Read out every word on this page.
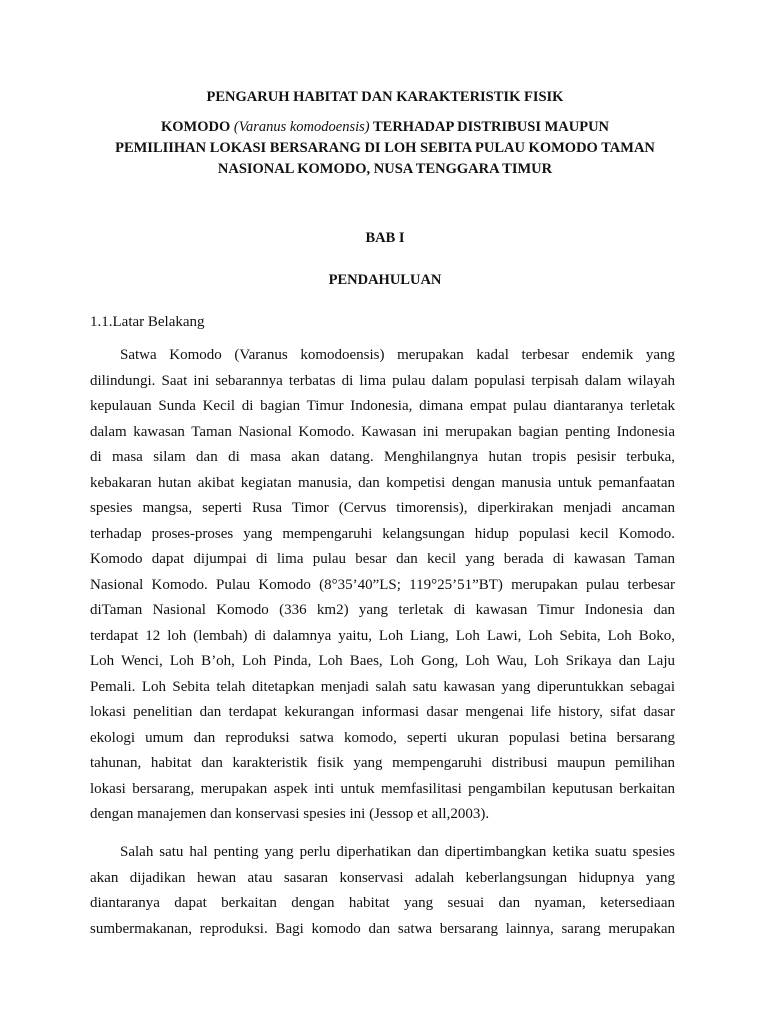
PENGARUH HABITAT DAN KARAKTERISTIK FISIK
KOMODO (Varanus komodoensis) TERHADAP DISTRIBUSI MAUPUN
PEMILIIHAN LOKASI BERSARANG DI LOH SEBITA PULAU KOMODO TAMAN
NASIONAL KOMODO, NUSA TENGGARA TIMUR
BAB I
PENDAHULUAN
1.1.Latar Belakang
Satwa Komodo (Varanus komodoensis) merupakan kadal terbesar endemik yang
dilindungi. Saat ini sebarannya terbatas di lima pulau dalam populasi terpisah dalam wilayah
kepulauan Sunda Kecil di bagian Timur Indonesia, dimana empat pulau diantaranya terletak
dalam kawasan Taman Nasional Komodo. Kawasan ini merupakan bagian penting Indonesia
di masa silam dan di masa akan datang. Menghilangnya hutan tropis pesisir terbuka,
kebakaran hutan akibat kegiatan manusia, dan kompetisi dengan manusia untuk pemanfaatan
spesies mangsa, seperti Rusa Timor (Cervus timorensis), diperkirakan menjadi ancaman
terhadap proses-proses yang mempengaruhi kelangsungan hidup populasi kecil Komodo.
Komodo dapat dijumpai di lima pulau besar dan kecil yang berada di kawasan Taman
Nasional Komodo. Pulau Komodo (8°35’40”LS; 119°25’51”BT) merupakan pulau terbesar
diTaman Nasional Komodo (336 km2) yang terletak di kawasan Timur Indonesia dan
terdapat 12 loh (lembah) di dalamnya yaitu, Loh Liang, Loh Lawi, Loh Sebita, Loh Boko,
Loh Wenci, Loh B’oh, Loh Pinda, Loh Baes, Loh Gong, Loh Wau, Loh Srikaya dan Laju
Pemali. Loh Sebita telah ditetapkan menjadi salah satu kawasan yang diperuntukkan sebagai
lokasi penelitian dan terdapat kekurangan informasi dasar mengenai life history, sifat dasar
ekologi umum dan reproduksi satwa komodo, seperti ukuran populasi betina bersarang
tahunan, habitat dan karakteristik fisik yang mempengaruhi distribusi maupun pemilihan
lokasi bersarang, merupakan aspek inti untuk memfasilitasi pengambilan keputusan berkaitan
dengan manajemen dan konservasi spesies ini (Jessop et all,2003).
Salah satu hal penting yang perlu diperhatikan dan dipertimbangkan ketika suatu spesies
akan dijadikan hewan atau sasaran konservasi adalah keberlangsungan hidupnya yang
diantaranya dapat berkaitan dengan habitat yang sesuai dan nyaman, ketersediaan
sumbermakanan, reproduksi. Bagi komodo dan satwa bersarang lainnya, sarang merupakan
